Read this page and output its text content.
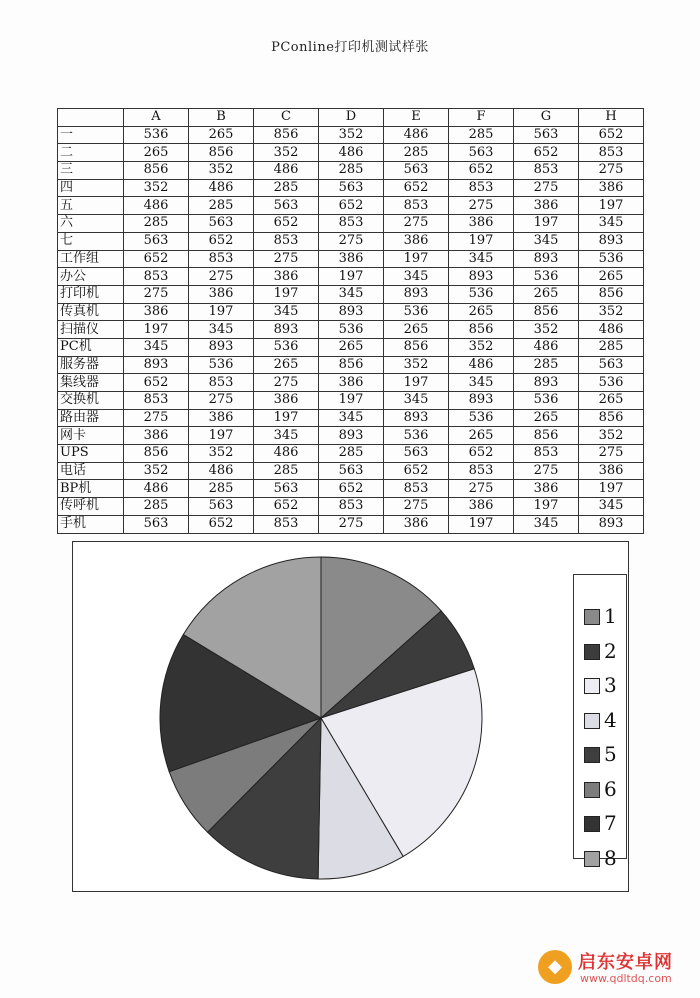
PConline打印机测试样张
	A	B	C	D	E	F	G	H
一	536	265	856	352	486	285	563	652
二	265	856	352	486	285	563	652	853
三	856	352	486	285	563	652	853	275
四	352	486	285	563	652	853	275	386
五	486	285	563	652	853	275	386	197
六	285	563	652	853	275	386	197	345
七	563	652	853	275	386	197	345	893
工作组	652	853	275	386	197	345	893	536
办公	853	275	386	197	345	893	536	265
打印机	275	386	197	345	893	536	265	856
传真机	386	197	345	893	536	265	856	352
扫描仪	197	345	893	536	265	856	352	486
PC机	345	893	536	265	856	352	486	285
服务器	893	536	265	856	352	486	285	563
集线器	652	853	275	386	197	345	893	536
交换机	853	275	386	197	345	893	536	265
路由器	275	386	197	345	893	536	265	856
网卡	386	197	345	893	536	265	856	352
UPS	856	352	486	285	563	652	853	275
电话	352	486	285	563	652	853	275	386
BP机	486	285	563	652	853	275	386	197
传呼机	285	563	652	853	275	386	197	345
手机	563	652	853	275	386	197	345	893
1
2
3
4
5
6
7
8
◆ 启东安卓网
www.qdltdq.com
